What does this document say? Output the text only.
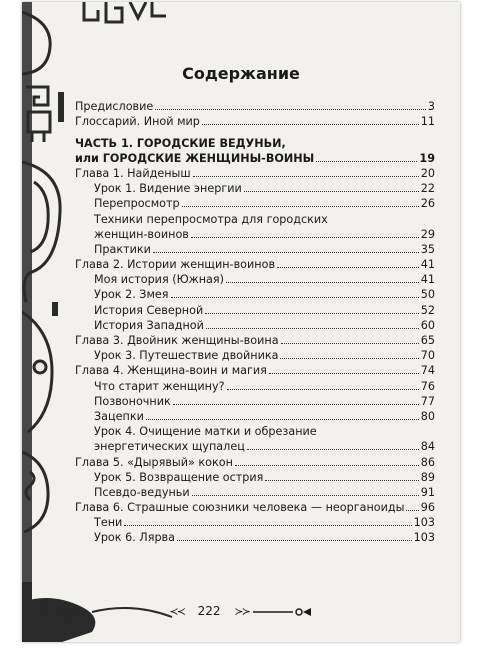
Содержание
Предисловие	3
Глоссарий. Иной мир	11
ЧАСТЬ 1. ГОРОДСКИЕ ВЕДУНЬИ,
или ГОРОДСКИЕ ЖЕНЩИНЫ-ВОИНЫ	19
Глава 1. Найденыш	20
Урок 1. Видение энергии	22
Перепросмотр	26
Техники перепросмотра для городских
женщин-воинов	29
Практики	35
Глава 2. Истории женщин-воинов	41
Моя история (Южная)	41
Урок 2. Змея	50
История Северной	52
История Западной	60
Глава 3. Двойник женщины-воина	65
Урок 3. Путешествие двойника	70
Глава 4. Женщина-воин и магия	74
Что старит женщину?	76
Позвоночник	77
Зацепки	80
Урок 4. Очищение матки и обрезание
энергетических щупалец	84
Глава 5. «Дырявый» кокон	86
Урок 5. Возвращение острия	89
Псевдо-ведуньи	91
Глава 6. Страшные союзники человека — неорганоиды 96
Тени	103
Урок 6. Лярва	103
≺≺ 222 ≻≻
